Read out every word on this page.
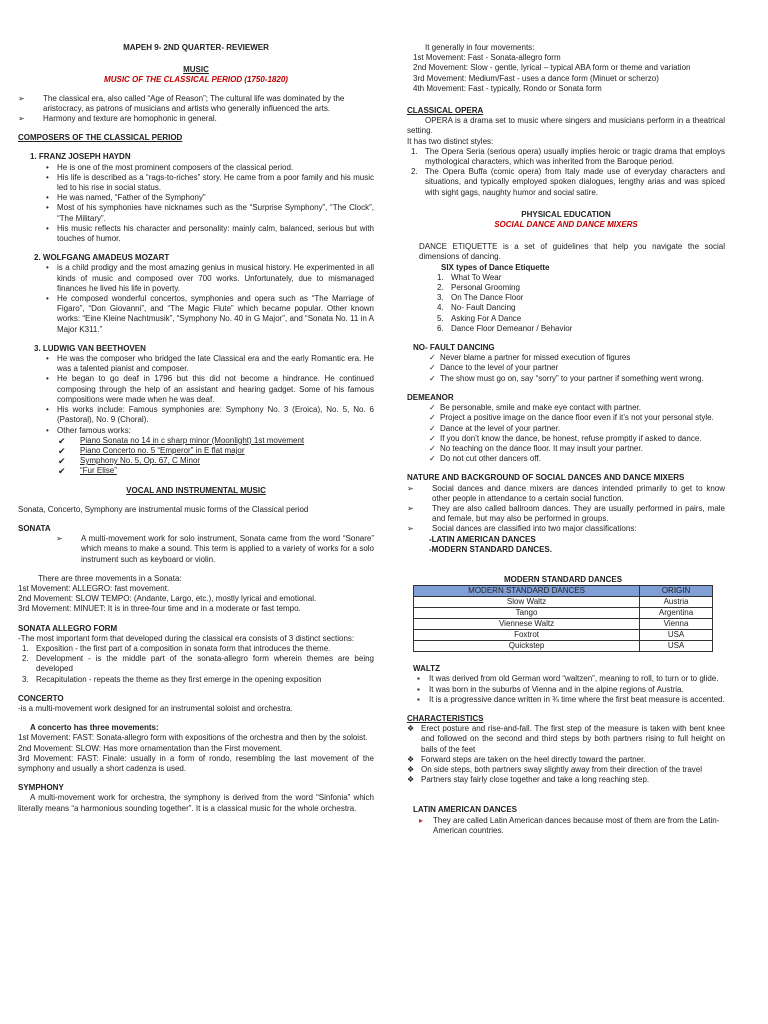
MAPEH 9- 2ND QUARTER- REVIEWER

MUSIC

MUSIC OF THE CLASSICAL PERIOD (1750-1820)

➢ The classical era, also called “Age of Reason”; The cultural life was dominated by the aristocracy, as patrons of musicians and artists who generally influenced the arts.
➢ Harmony and texture are homophonic in general.

COMPOSERS OF THE CLASSICAL PERIOD

1. FRANZ JOSEPH HAYDN

• He is one of the most prominent composers of the classical period.
• His life is described as a “rags-to-riches” story. He came from a poor family and his music led to his rise in social status.
• He was named, “Father of the Symphony”
• Most of his symphonies have nicknames such as the “Surprise Symphony”, “The Clock”, “The Military”.
• His music reflects his character and personality: mainly calm, balanced, serious but with touches of humor.

2. WOLFGANG AMADEUS MOZART

• is a child prodigy and the most amazing genius in musical history. He experimented in all kinds of music and composed over 700 works. Unfortunately, due to mismanaged finances he lived his life in poverty.
• He composed wonderful concertos, symphonies and opera such as “The Marriage of Figaro”, “Don Giovanni”, and “The Magic Flute” which became popular. Other known works: “Eine Kleine Nachtmusik”, “Symphony No. 40 in G Major”, and “Sonata No. 11 in A Major K311.”

3. LUDWIG VAN BEETHOVEN

• He was the composer who bridged the late Classical era and the early Romantic era. He was a talented pianist and composer.
• He began to go deaf in 1796 but this did not become a hindrance. He continued composing through the help of an assistant and hearing gadget. Some of his famous compositions were made when he was deaf.
• His works include: Famous symphonies are: Symphony No. 3 (Eroica), No. 5, No. 6 (Pastoral), No. 9 (Choral).
• Other famous works:
✔ Piano Sonata no 14 in c sharp minor (Moonlight) 1st movement
✔ Piano Concerto no. 5 “Emperor” in E flat major
✔ Symphony No. 5, Op. 67, C Minor
✔ “Fur Elise”

VOCAL AND INSTRUMENTAL MUSIC

Sonata, Concerto, Symphony are instrumental music forms of the Classical period

SONATA

➢ A multi-movement work for solo instrument, Sonata came from the word “Sonare” which means to make a sound. This term is applied to a variety of works for a solo instrument such as keyboard or violin.

There are three movements in a Sonata:

1st Movement: ALLEGRO: fast movement.

2nd Movement: SLOW TEMPO: (Andante, Largo, etc.), mostly lyrical and emotional.

3rd Movement: MINUET: It is in three-four time and in a moderate or fast tempo.

SONATA ALLEGRO FORM

-The most important form that developed during the classical era consists of 3 distinct sections:

1. Exposition - the first part of a composition in sonata form that introduces the theme.
2. Development - is the middle part of the sonata-allegro form wherein themes are being developed
3. Recapitulation - repeats the theme as they first emerge in the opening exposition

CONCERTO

-is a multi-movement work designed for an instrumental soloist and orchestra.

A concerto has three movements:

1st Movement: FAST: Sonata-allegro form with expositions of the orchestra and then by the soloist.

2nd Movement: SLOW: Has more ornamentation than the First movement.

3rd Movement: FAST: Finale: usually in a form of rondo, resembling the last movement of the symphony and usually a short cadenza is used.

SYMPHONY

A multi-movement work for orchestra, the symphony is derived from the word “Sinfonia” which literally means “a harmonious sounding together”. It is a classical music for the whole orchestra.

It generally in four movements:

1st Movement: Fast - Sonata-allegro form

2nd Movement: Slow - gentle, lyrical – typical ABA form or theme and variation

3rd Movement: Medium/Fast - uses a dance form (Minuet or scherzo)

4th Movement: Fast - typically, Rondo or Sonata form

CLASSICAL OPERA

OPERA is a drama set to music where singers and musicians perform in a theatrical setting.

It has two distinct styles:

1. The Opera Seria (serious opera) usually implies heroic or tragic drama that employs mythological characters, which was inherited from the Baroque period.
2. The Opera Buffa (comic opera) from Italy made use of everyday characters and situations, and typically employed spoken dialogues, lengthy arias and was spiced with sight gags, naughty humor and social satire.

PHYSICAL EDUCATION

SOCIAL DANCE AND DANCE MIXERS

DANCE ETIQUETTE is a set of guidelines that help you navigate the social dimensions of dancing.

SIX types of Dance Etiquette

1. What To Wear
2. Personal Grooming
3. On The Dance Floor
4. No- Fault Dancing
5. Asking For A Dance
6. Dance Floor Demeanor / Behavior

NO- FAULT DANCING

✓ Never blame a partner for missed execution of figures
✓ Dance to the level of your partner
✓ The show must go on, say “sorry” to your partner if something went wrong.

DEMEANOR

✓ Be personable, smile and make eye contact with partner.
✓ Project a positive image on the dance floor even if it’s not your personal style.
✓ Dance at the level of your partner.
✓ If you don’t know the dance, be honest, refuse promptly if asked to dance.
✓ No teaching on the dance floor. It may insult your partner.
✓ Do not cut other dancers off.

NATURE AND BACKGROUND OF SOCIAL DANCES AND DANCE MIXERS

➢ Social dances and dance mixers are dances intended primarily to get to know other people in attendance to a certain social function.
➢ They are also called ballroom dances. They are usually performed in pairs, male and female, but may also be performed in groups.
➢ Social dances are classified into two major classifications:

-LATIN AMERICAN DANCES

-MODERN STANDARD DANCES.

MODERN STANDARD DANCES

MODERN STANDARD DANCES	ORIGIN
Slow Waltz	Austria
Tango	Argentina
Viennese Waltz	Vienna
Foxtrot	USA
Quickstep	USA

WALTZ

▪ It was derived from old German word “waltzen”, meaning to roll, to turn or to glide.
▪ It was born in the suburbs of Vienna and in the alpine regions of Austria.
▪ It is a progressive dance written in ¾ time where the first beat measure is accented.

CHARACTERISTICS

❖ Erect posture and rise-and-fall. The first step of the measure is taken with bent knee and followed on the second and third steps by both partners rising to full height on balls of the feet
❖ Forward steps are taken on the heel directly toward the partner.
❖ On side steps, both partners sway slightly away from their direction of the travel
❖ Partners stay fairly close together and take a long reaching step.

LATIN AMERICAN DANCES

▸ They are called Latin American dances because most of them are from the Latin-American countries.
